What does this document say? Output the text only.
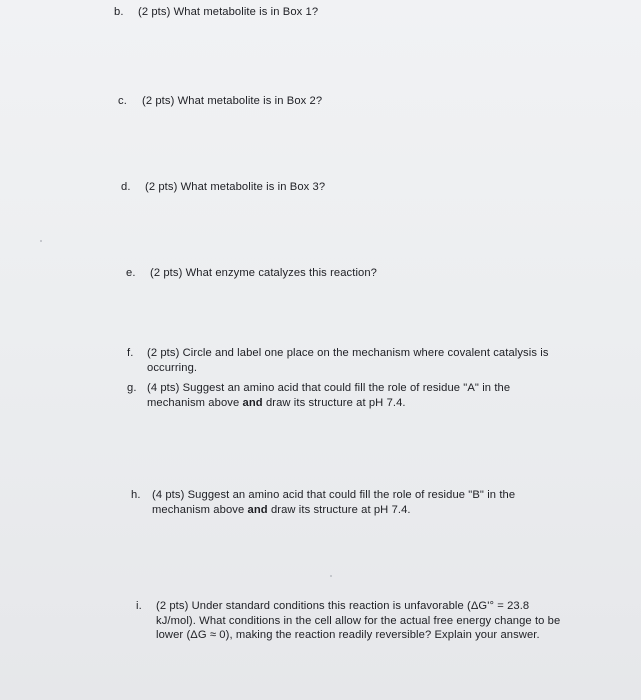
b.	(2 pts) What metabolite is in Box 1?
c.	(2 pts) What metabolite is in Box 2?
d.	(2 pts) What metabolite is in Box 3?
e.	(2 pts) What enzyme catalyzes this reaction?
f.	(2 pts) Circle and label one place on the mechanism where covalent catalysis is
occurring.
g. (4 pts) Suggest an amino acid that could fill the role of residue "A" in the
mechanism above and draw its structure at pH 7.4.
h.	(4 pts) Suggest an amino acid that could fill the role of residue "B" in the
mechanism above and draw its structure at pH 7.4.
i.	(2 pts) Under standard conditions this reaction is unfavorable (ΔG'° = 23.8
kJ/mol). What conditions in the cell allow for the actual free energy change to be
lower (ΔG ≈ 0), making the reaction readily reversible? Explain your answer.
